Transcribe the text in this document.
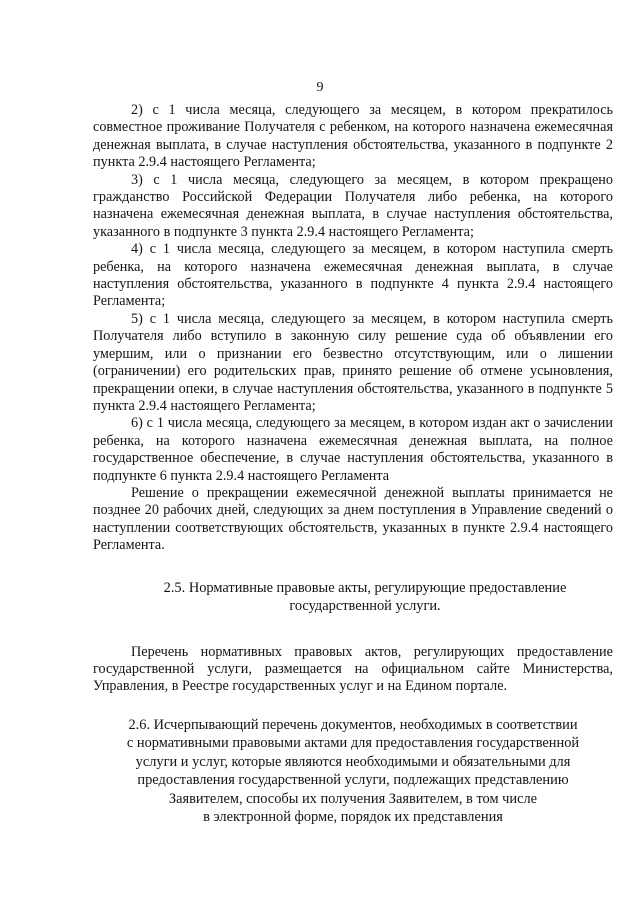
9

2) с 1 числа месяца, следующего за месяцем, в котором прекратилось совместное проживание Получателя с ребенком, на которого назначена ежемесячная денежная выплата, в случае наступления обстоятельства, указанного в подпункте 2 пункта 2.9.4 настоящего Регламента;

3) с 1 числа месяца, следующего за месяцем, в котором прекращено гражданство Российской Федерации Получателя либо ребенка, на которого назначена ежемесячная денежная выплата, в случае наступления обстоятельства, указанного в подпункте 3 пункта 2.9.4 настоящего Регламента;

4) с 1 числа месяца, следующего за месяцем, в котором наступила смерть ребенка, на которого назначена ежемесячная денежная выплата, в случае наступления обстоятельства, указанного в подпункте 4 пункта 2.9.4 настоящего Регламента;

5) с 1 числа месяца, следующего за месяцем, в котором наступила смерть Получателя либо вступило в законную силу решение суда об объявлении его умершим, или о признании его безвестно отсутствующим, или о лишении (ограничении) его родительских прав, принято решение об отмене усыновления, прекращении опеки, в случае наступления обстоятельства, указанного в подпункте 5 пункта 2.9.4 настоящего Регламента;

6) с 1 числа месяца, следующего за месяцем, в котором издан акт о зачислении ребенка, на которого назначена ежемесячная денежная выплата, на полное государственное обеспечение, в случае наступления обстоятельства, указанного в подпункте 6 пункта 2.9.4 настоящего Регламента

Решение о прекращении ежемесячной денежной выплаты принимается не позднее 20 рабочих дней, следующих за днем поступления в Управление сведений о наступлении соответствующих обстоятельств, указанных в пункте 2.9.4 настоящего Регламента.

2.5. Нормативные правовые акты, регулирующие предоставление
государственной услуги.

Перечень нормативных правовых актов, регулирующих предоставление государственной услуги, размещается на официальном сайте Министерства, Управления, в Реестре государственных услуг и на Едином портале.

2.6. Исчерпывающий перечень документов, необходимых в соответствии
с нормативными правовыми актами для предоставления государственной
услуги и услуг, которые являются необходимыми и обязательными для
предоставления государственной услуги, подлежащих представлению
Заявителем, способы их получения Заявителем, в том числе
в электронной форме, порядок их представления
